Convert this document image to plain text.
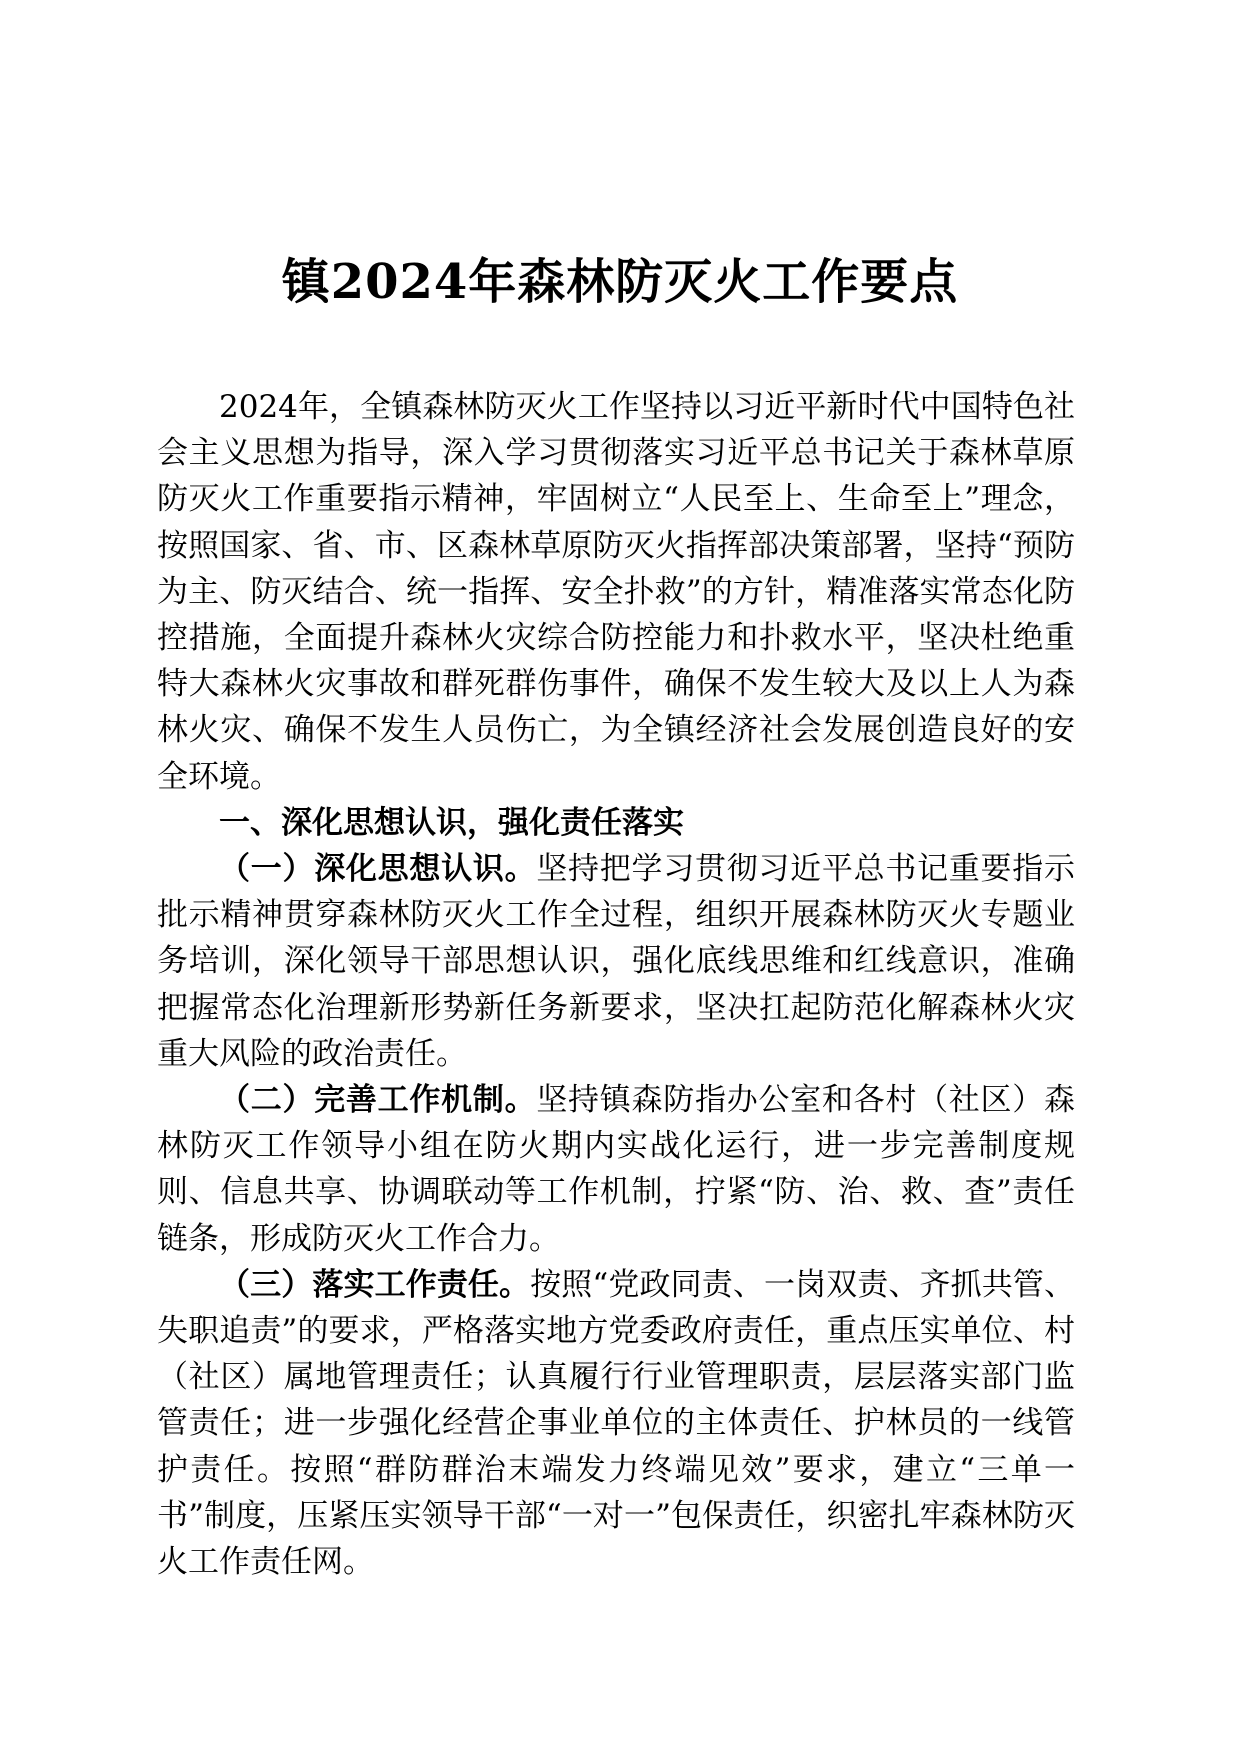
镇2024年森林防灭火工作要点

2024年，全镇森林防灭火工作坚持以习近平新时代中国特色社会主义思想为指导，深入学习贯彻落实习近平总书记关于森林草原防灭火工作重要指示精神，牢固树立“人民至上、生命至上”理念，按照国家、省、市、区森林草原防灭火指挥部决策部署，坚持“预防为主、防灭结合、统一指挥、安全扑救”的方针，精准落实常态化防控措施，全面提升森林火灾综合防控能力和扑救水平，坚决杜绝重特大森林火灾事故和群死群伤事件，确保不发生较大及以上人为森林火灾、确保不发生人员伤亡，为全镇经济社会发展创造良好的安全环境。

一、深化思想认识，强化责任落实

（一）深化思想认识。坚持把学习贯彻习近平总书记重要指示批示精神贯穿森林防灭火工作全过程，组织开展森林防灭火专题业务培训，深化领导干部思想认识，强化底线思维和红线意识，准确把握常态化治理新形势新任务新要求，坚决扛起防范化解森林火灾重大风险的政治责任。

（二）完善工作机制。坚持镇森防指办公室和各村（社区）森林防灭工作领导小组在防火期内实战化运行，进一步完善制度规则、信息共享、协调联动等工作机制，拧紧“防、治、救、查”责任链条，形成防灭火工作合力。

（三）落实工作责任。按照“党政同责、一岗双责、齐抓共管、失职追责”的要求，严格落实地方党委政府责任，重点压实单位、村（社区）属地管理责任；认真履行行业管理职责，层层落实部门监管责任；进一步强化经营企事业单位的主体责任、护林员的一线管护责任。按照“群防群治末端发力终端见效”要求，建立“三单一书”制度，压紧压实领导干部“一对一”包保责任，织密扎牢森林防灭火工作责任网。
